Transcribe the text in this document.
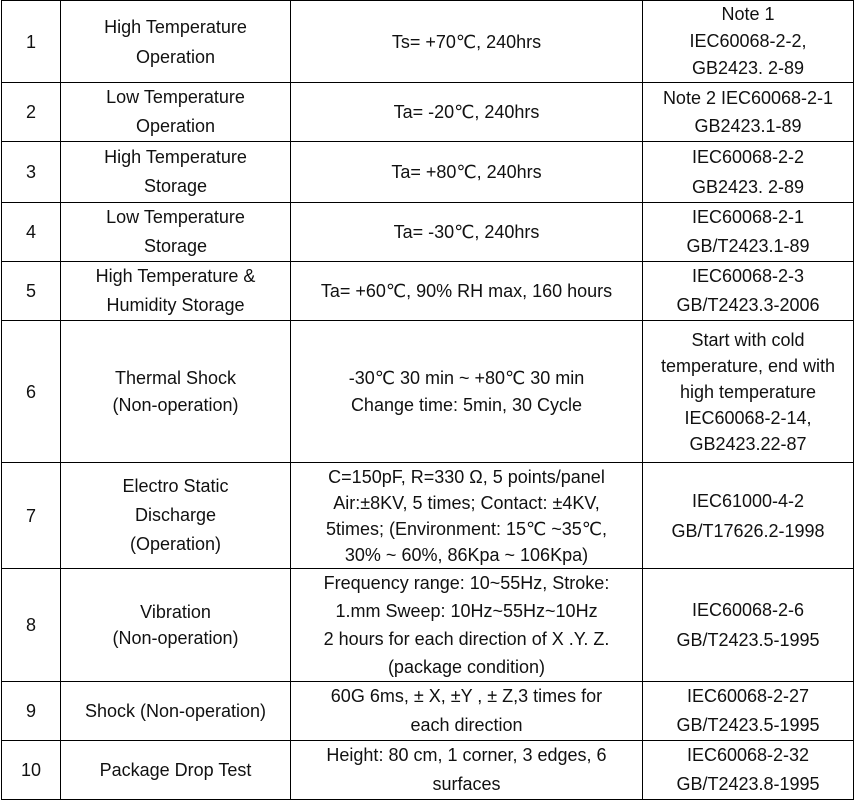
1	High Temperature
Operation	Ts= +70℃, 240hrs	Note 1
IEC60068-2-2,
GB2423. 2-89

2	Low Temperature
Operation	Ta= -20℃, 240hrs	Note 2 IEC60068-2-1
GB2423.1-89

3	High Temperature
Storage	Ta= +80℃, 240hrs	IEC60068-2-2
GB2423. 2-89

4	Low Temperature
Storage	Ta= -30℃, 240hrs	IEC60068-2-1
GB/T2423.1-89

5	High Temperature &
Humidity Storage	Ta= +60℃, 90% RH max, 160 hours	IEC60068-2-3
GB/T2423.3-2006

6	Thermal Shock
(Non-operation)	-30℃ 30 min ~ +80℃ 30 min
Change time: 5min, 30 Cycle	Start with cold
temperature, end with
high temperature
IEC60068-2-14,
GB2423.22-87

7	Electro Static
Discharge
(Operation)	C=150pF, R=330 Ω, 5 points/panel
Air:±8KV, 5 times; Contact: ±4KV,
5times; (Environment: 15℃ ~35℃,
30% ~ 60%, 86Kpa ~ 106Kpa)	IEC61000-4-2
GB/T17626.2-1998

8	Vibration
(Non-operation)	Frequency range: 10~55Hz, Stroke:
1.mm Sweep: 10Hz~55Hz~10Hz
2 hours for each direction of X .Y. Z.
(package condition)	IEC60068-2-6
GB/T2423.5-1995

9	Shock (Non-operation)	60G 6ms, ± X, ±Y , ± Z,3 times for
each direction	IEC60068-2-27
GB/T2423.5-1995

10	Package Drop Test	Height: 80 cm, 1 corner, 3 edges, 6
surfaces	IEC60068-2-32
GB/T2423.8-1995
